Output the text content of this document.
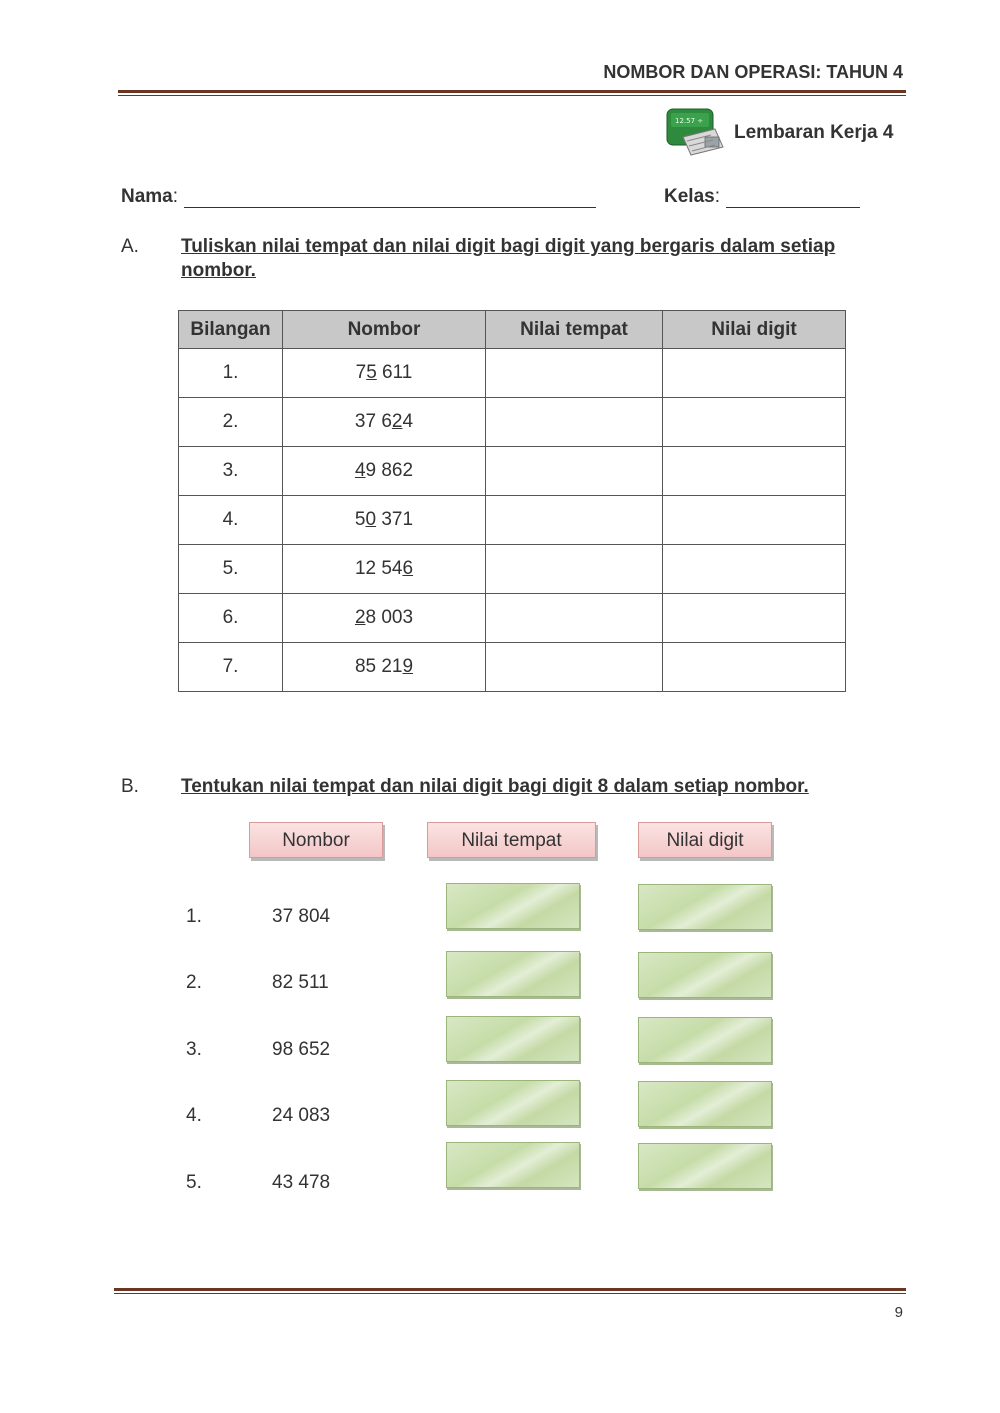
NOMBOR DAN OPERASI: TAHUN 4
12.57 ÷
Lembaran Kerja 4
Nama:	Kelas:
A. Tuliskan nilai tempat dan nilai digit bagi digit yang bergaris dalam setiap nombor.
Bilangan	Nombor	Nilai tempat	Nilai digit
1.	75 611		
2.	37 624		
3.	49 862		
4.	50 371		
5.	12 546		
6.	28 003		
7.	85 219		
B. Tentukan nilai tempat dan nilai digit bagi digit 8 dalam setiap nombor.
Nombor	Nilai tempat	Nilai digit
1.	37 804
2.	82 511
3.	98 652
4.	24 083
5.	43 478
9
